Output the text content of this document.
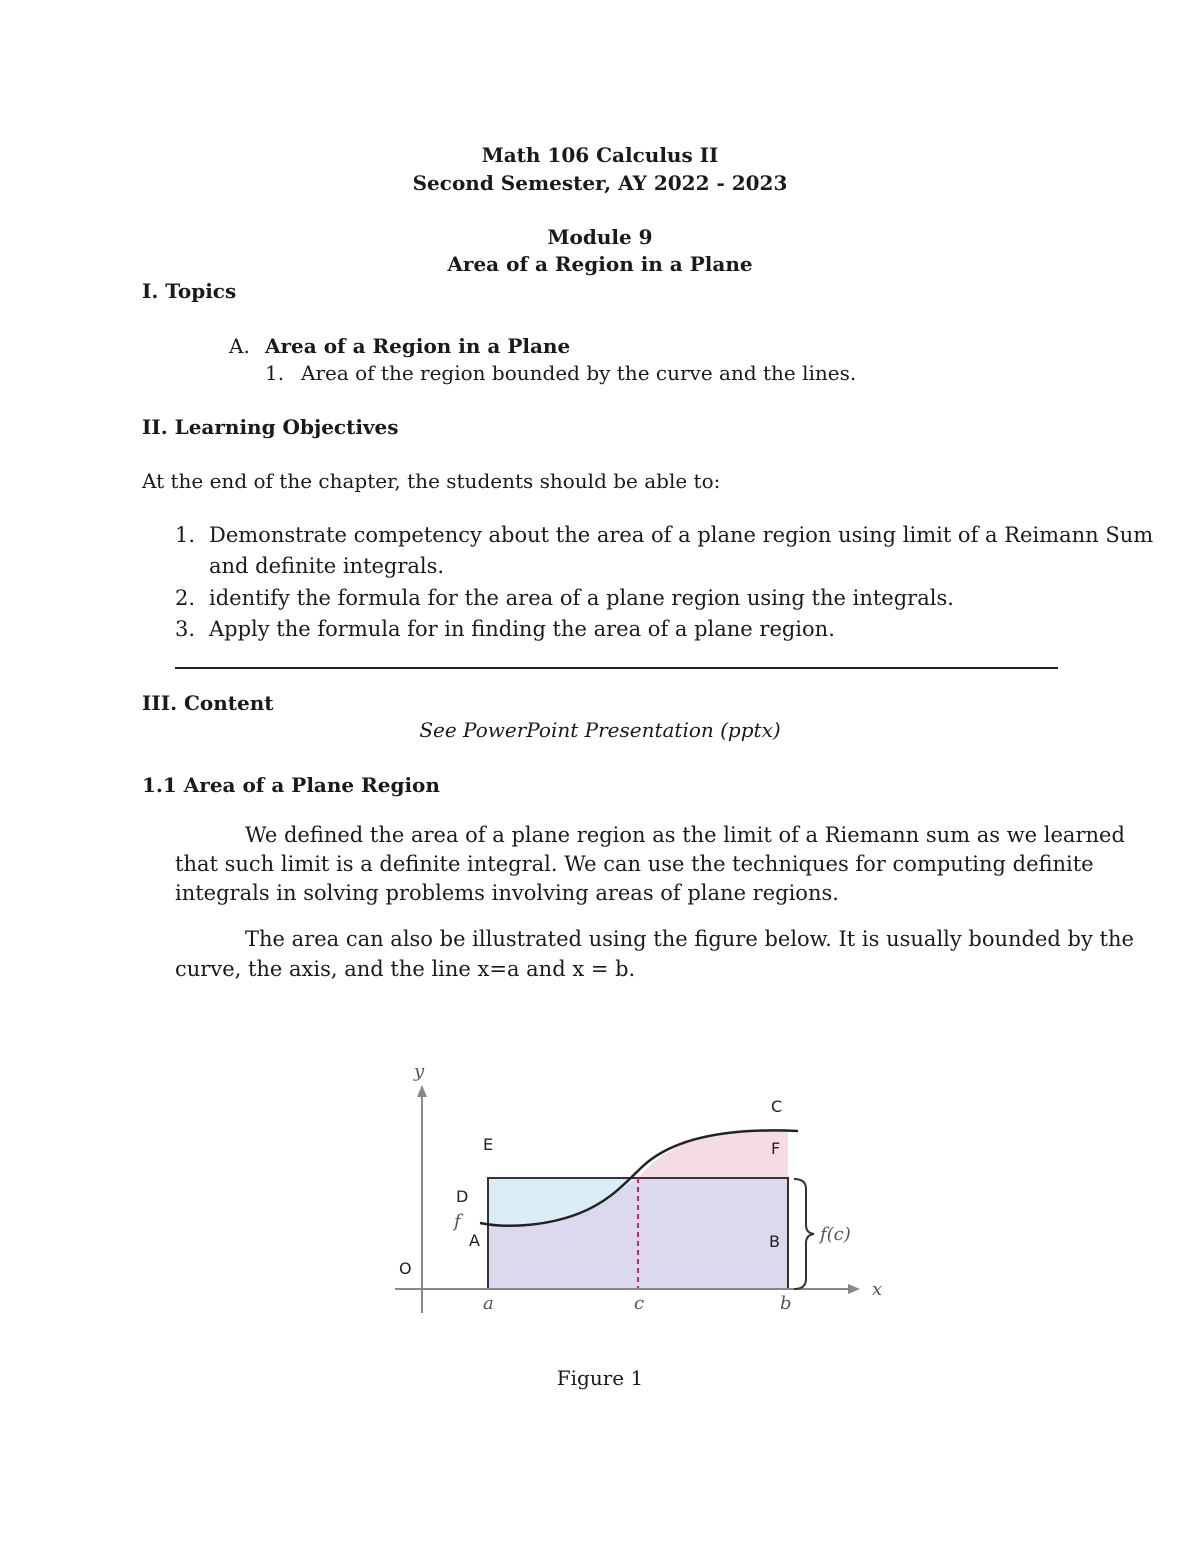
Math 106 Calculus II
Second Semester, AY 2022 - 2023
Module 9
Area of a Region in a Plane
I. Topics
A. Area of a Region in a Plane
1. Area of the region bounded by the curve and the lines.
II. Learning Objectives
At the end of the chapter, the students should be able to:
1. Demonstrate competency about the area of a plane region using limit of a Reimann Sum
and definite integrals.
2. identify the formula for the area of a plane region using the integrals.
3. Apply the formula for in finding the area of a plane region.
III. Content
See PowerPoint Presentation (pptx)
1.1 Area of a Plane Region
We defined the area of a plane region as the limit of a Riemann sum as we learned
that such limit is a definite integral. We can use the techniques for computing definite
integrals in solving problems involving areas of plane regions.
The area can also be illustrated using the figure below. It is usually bounded by the
curve, the axis, and the line x=a and x = b.
y
x
f
a	c	b
f(c)
A	B
C
D
E	F
O
Figure 1
